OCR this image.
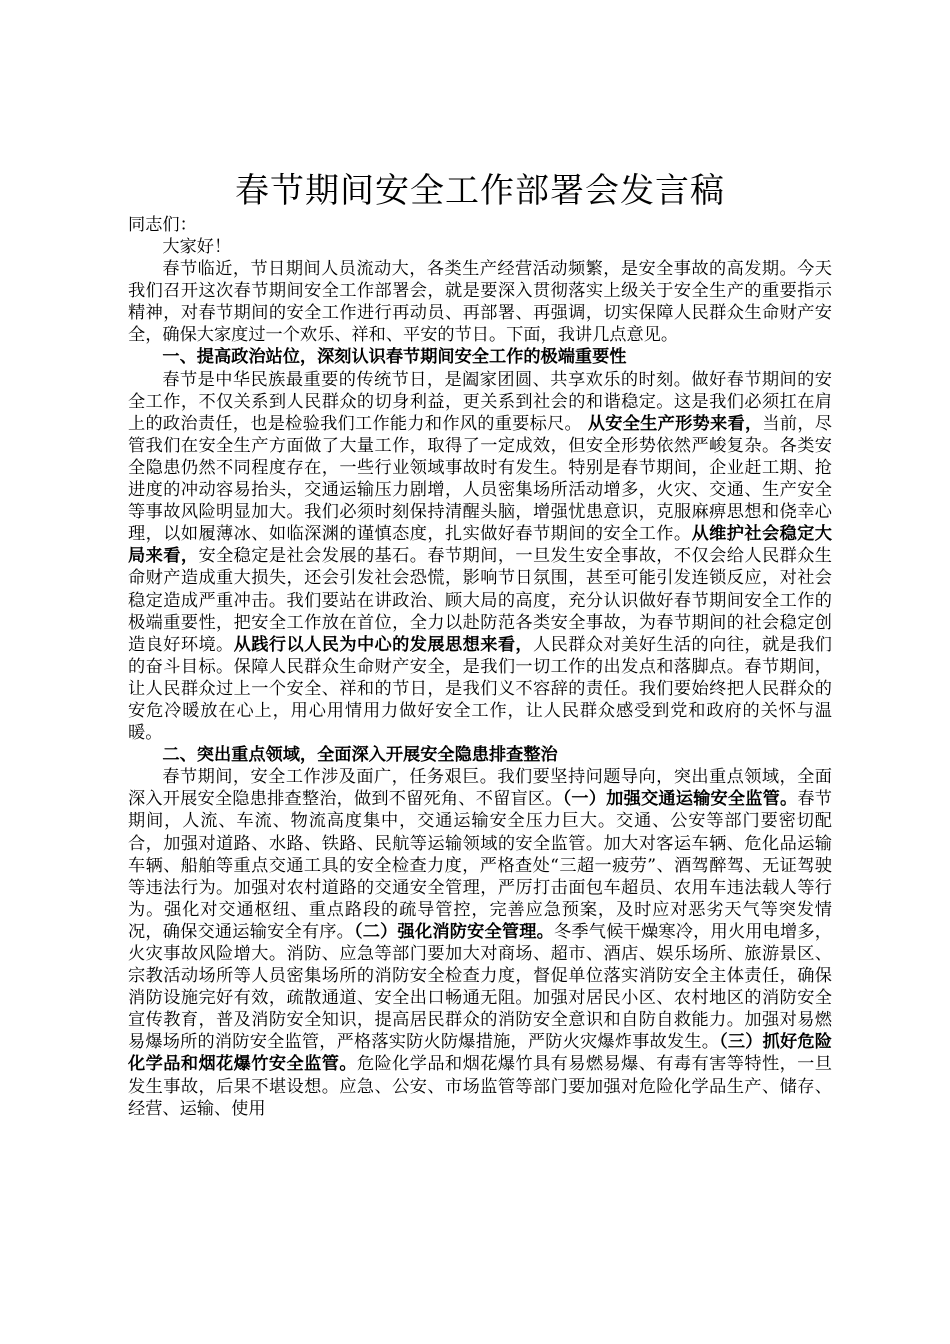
春节期间安全工作部署会发言稿

同志们：

大家好！

春节临近，节日期间人员流动大，各类生产经营活动频繁，是安全事故的高发期。今天我们召开这次春节期间安全工作部署会，就是要深入贯彻落实上级关于安全生产的重要指示精神，对春节期间的安全工作进行再动员、再部署、再强调，切实保障人民群众生命财产安全，确保大家度过一个欢乐、祥和、平安的节日。下面，我讲几点意见。

一、提高政治站位，深刻认识春节期间安全工作的极端重要性

春节是中华民族最重要的传统节日，是阖家团圆、共享欢乐的时刻。做好春节期间的安全工作，不仅关系到人民群众的切身利益，更关系到社会的和谐稳定。这是我们必须扛在肩上的政治责任，也是检验我们工作能力和作风的重要标尺。 从安全生产形势来看，当前，尽管我们在安全生产方面做了大量工作，取得了一定成效，但安全形势依然严峻复杂。各类安全隐患仍然不同程度存在，一些行业领域事故时有发生。特别是春节期间，企业赶工期、抢进度的冲动容易抬头，交通运输压力剧增，人员密集场所活动增多，火灾、交通、生产安全等事故风险明显加大。我们必须时刻保持清醒头脑，增强忧患意识，克服麻痹思想和侥幸心理，以如履薄冰、如临深渊的谨慎态度，扎实做好春节期间的安全工作。从维护社会稳定大局来看，安全稳定是社会发展的基石。春节期间，一旦发生安全事故，不仅会给人民群众生命财产造成重大损失，还会引发社会恐慌，影响节日氛围，甚至可能引发连锁反应，对社会稳定造成严重冲击。我们要站在讲政治、顾大局的高度，充分认识做好春节期间安全工作的极端重要性，把安全工作放在首位，全力以赴防范各类安全事故，为春节期间的社会稳定创造良好环境。从践行以人民为中心的发展思想来看，人民群众对美好生活的向往，就是我们的奋斗目标。保障人民群众生命财产安全，是我们一切工作的出发点和落脚点。春节期间，让人民群众过上一个安全、祥和的节日，是我们义不容辞的责任。我们要始终把人民群众的安危冷暖放在心上，用心用情用力做好安全工作，让人民群众感受到党和政府的关怀与温暖。

二、突出重点领域，全面深入开展安全隐患排查整治

春节期间，安全工作涉及面广，任务艰巨。我们要坚持问题导向，突出重点领域，全面深入开展安全隐患排查整治，做到不留死角、不留盲区。（一）加强交通运输安全监管。春节期间，人流、车流、物流高度集中，交通运输安全压力巨大。交通、公安等部门要密切配合，加强对道路、水路、铁路、民航等运输领域的安全监管。加大对客运车辆、危化品运输车辆、船舶等重点交通工具的安全检查力度，严格查处“三超一疲劳”、酒驾醉驾、无证驾驶等违法行为。加强对农村道路的交通安全管理，严厉打击面包车超员、农用车违法载人等行为。强化对交通枢纽、重点路段的疏导管控，完善应急预案，及时应对恶劣天气等突发情况，确保交通运输安全有序。（二）强化消防安全管理。冬季气候干燥寒冷，用火用电增多，火灾事故风险增大。消防、应急等部门要加大对商场、超市、酒店、娱乐场所、旅游景区、宗教活动场所等人员密集场所的消防安全检查力度，督促单位落实消防安全主体责任，确保消防设施完好有效，疏散通道、安全出口畅通无阻。加强对居民小区、农村地区的消防安全宣传教育，普及消防安全知识，提高居民群众的消防安全意识和自防自救能力。加强对易燃易爆场所的消防安全监管，严格落实防火防爆措施，严防火灾爆炸事故发生。（三）抓好危险化学品和烟花爆竹安全监管。危险化学品和烟花爆竹具有易燃易爆、有毒有害等特性，一旦发生事故，后果不堪设想。应急、公安、市场监管等部门要加强对危险化学品生产、储存、经营、运输、使用
